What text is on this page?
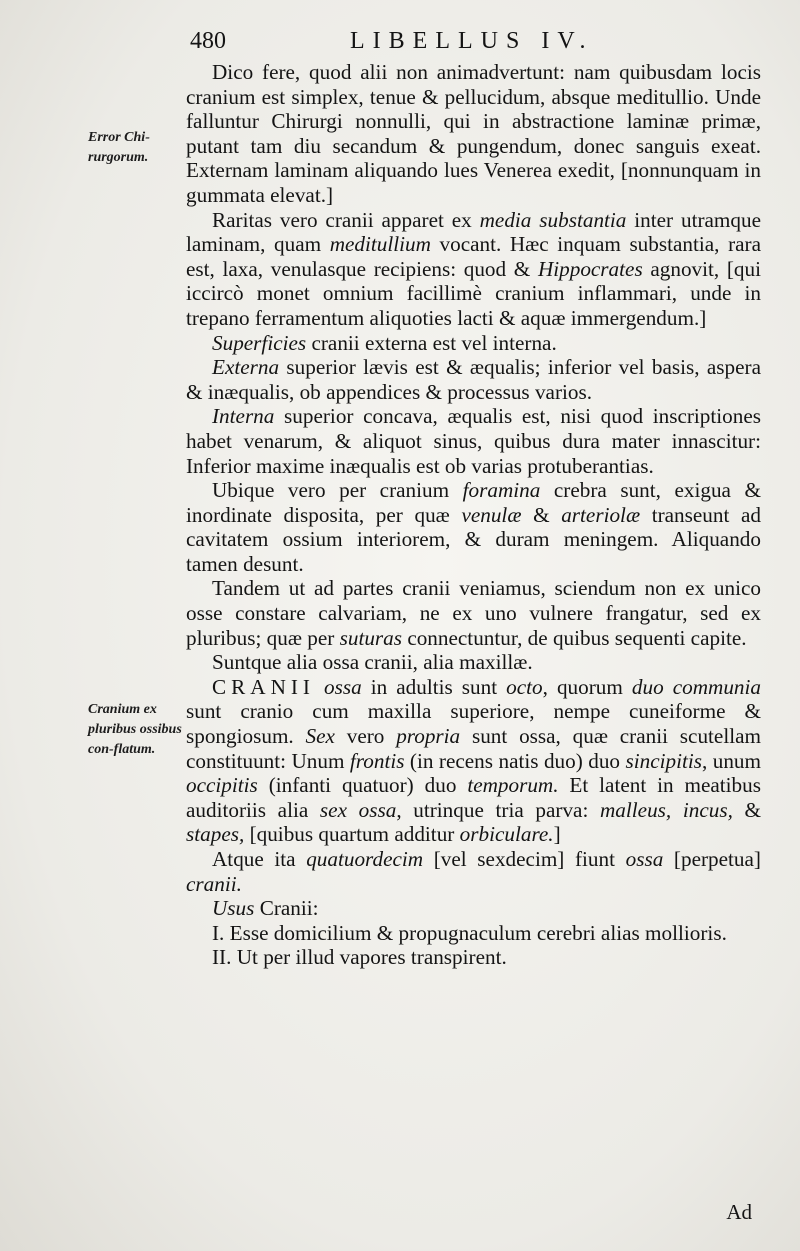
480	LIBELLUS IV.
Error Chi-rurgorum.
Cranium ex pluribus ossibus con-flatum.

Dico fere, quod alii non animadvertunt: nam quibusdam locis cranium est simplex, tenue & pellucidum, absque meditullio. Unde falluntur Chirurgi nonnulli, qui in abstractione laminæ primæ, putant tam diu secandum & pungendum, donec sanguis exeat. Externam laminam aliquando lues Venerea exedit, [nonnunquam in gummata elevat.]

Raritas vero cranii apparet ex media substantia inter utramque laminam, quam meditullium vocant. Hæc inquam substantia, rara est, laxa, venulasque recipiens: quod & Hippocrates agnovit, [qui iccircò monet omnium facillimè cranium inflammari, unde in trepano ferramentum aliquoties lacti & aquæ immergendum.]

Superficies cranii externa est vel interna.

Externa superior lævis est & æqualis; inferior vel basis, aspera & inæqualis, ob appendices & processus varios.

Interna superior concava, æqualis est, nisi quod inscriptiones habet venarum, & aliquot sinus, quibus dura mater innascitur: Inferior maxime inæqualis est ob varias protuberantias.

Ubique vero per cranium foramina crebra sunt, exigua & inordinate disposita, per quæ venulæ & arteriolæ transeunt ad cavitatem ossium interiorem, & duram meningem. Aliquando tamen desunt.

Tandem ut ad partes cranii veniamus, sciendum non ex unico osse constare calvariam, ne ex uno vulnere frangatur, sed ex pluribus; quæ per suturas connectuntur, de quibus sequenti capite.

Suntque alia ossa cranii, alia maxillæ.

CRANII ossa in adultis sunt octo, quorum duo communia sunt cranio cum maxilla superiore, nempe cuneiforme & spongiosum. Sex vero propria sunt ossa, quæ cranii scutellam constituunt: Unum frontis (in recens natis duo) duo sincipitis, unum occipitis (infanti quatuor) duo temporum. Et latent in meatibus auditoriis alia sex ossa, utrinque tria parva: malleus, incus, & stapes, [quibus quartum additur orbiculare.]

Atque ita quatuordecim [vel sexdecim] fiunt ossa [perpetua] cranii.

Usus Cranii:

I. Esse domicilium & propugnaculum cerebri alias mollioris.

II. Ut per illud vapores transpirent.

Ad
